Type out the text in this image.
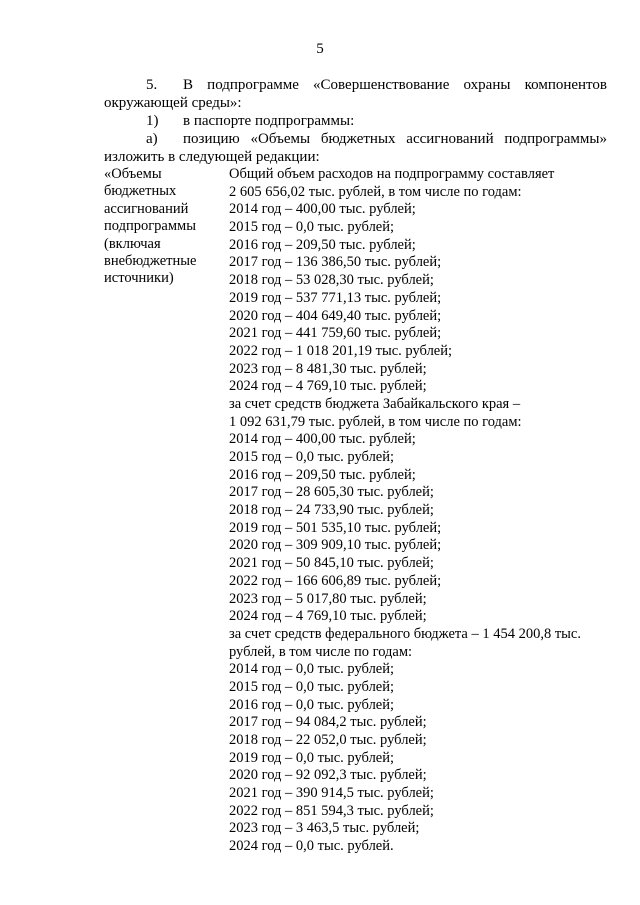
5
5. В подпрограмме «Совершенствование охраны компонентов
окружающей среды»:
1) в паспорте подпрограммы:
а) позицию «Объемы бюджетных ассигнований подпрограммы»
изложить в следующей редакции:
«Объемы
бюджетных
ассигнований
подпрограммы
(включая
внебюджетные
источники)
Общий объем расходов на подпрограмму составляет
2 605 656,02 тыс. рублей, в том числе по годам:
2014 год – 400,00 тыс. рублей;
2015 год – 0,0 тыс. рублей;
2016 год – 209,50 тыс. рублей;
2017 год – 136 386,50 тыс. рублей;
2018 год – 53 028,30 тыс. рублей;
2019 год – 537 771,13 тыс. рублей;
2020 год – 404 649,40 тыс. рублей;
2021 год – 441 759,60 тыс. рублей;
2022 год – 1 018 201,19 тыс. рублей;
2023 год – 8 481,30 тыс. рублей;
2024 год – 4 769,10 тыс. рублей;
за счет средств бюджета Забайкальского края –
1 092 631,79 тыс. рублей, в том числе по годам:
2014 год – 400,00 тыс. рублей;
2015 год – 0,0 тыс. рублей;
2016 год – 209,50 тыс. рублей;
2017 год – 28 605,30 тыс. рублей;
2018 год – 24 733,90 тыс. рублей;
2019 год – 501 535,10 тыс. рублей;
2020 год – 309 909,10 тыс. рублей;
2021 год – 50 845,10 тыс. рублей;
2022 год – 166 606,89 тыс. рублей;
2023 год – 5 017,80 тыс. рублей;
2024 год – 4 769,10 тыс. рублей;
за счет средств федерального бюджета – 1 454 200,8 тыс.
рублей, в том числе по годам:
2014 год – 0,0 тыс. рублей;
2015 год – 0,0 тыс. рублей;
2016 год – 0,0 тыс. рублей;
2017 год – 94 084,2 тыс. рублей;
2018 год – 22 052,0 тыс. рублей;
2019 год – 0,0 тыс. рублей;
2020 год – 92 092,3 тыс. рублей;
2021 год – 390 914,5 тыс. рублей;
2022 год – 851 594,3 тыс. рублей;
2023 год – 3 463,5 тыс. рублей;
2024 год – 0,0 тыс. рублей.
